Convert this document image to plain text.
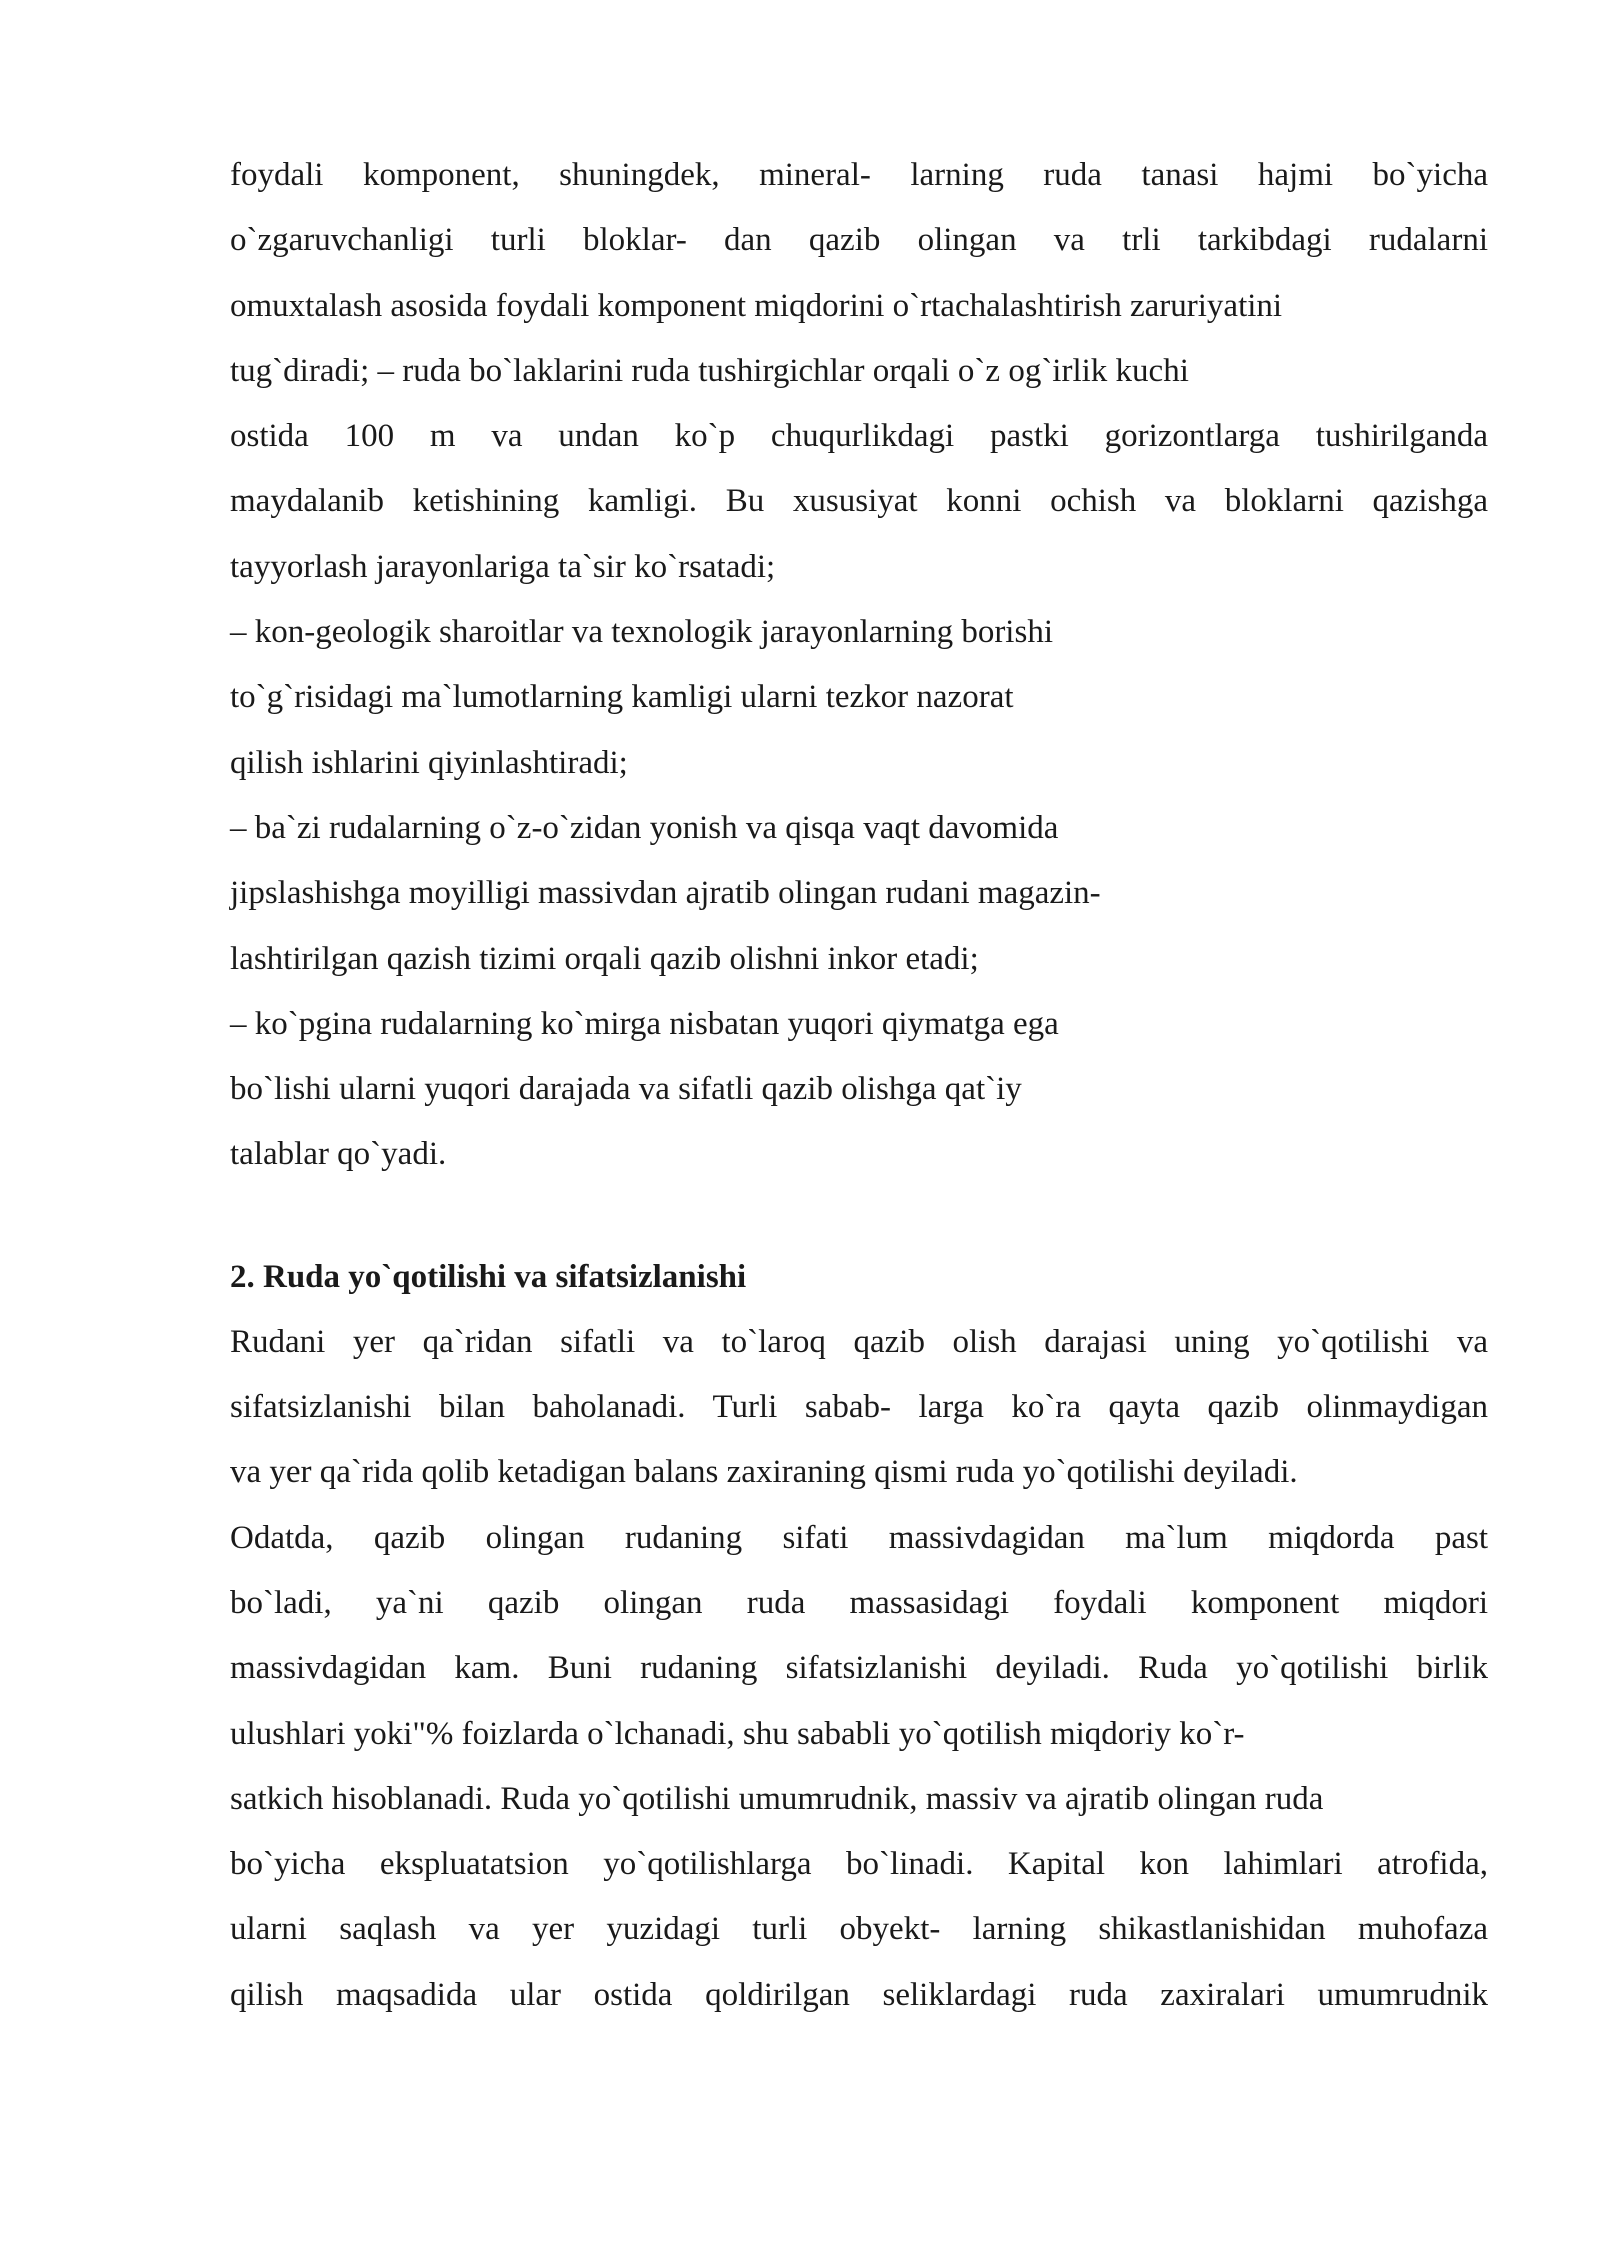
foydali komponent, shuningdek, mineral- larning ruda tanasi hajmi bo`yicha
o`zgaruvchanligi turli bloklar- dan qazib olingan va trli tarkibdagi rudalarni
omuxtalash asosida foydali komponent miqdorini o`rtachalashtirish zaruriyatini
tug`diradi; – ruda bo`laklarini ruda tushirgichlar orqali o`z og`irlik kuchi
ostida 100 m va undan ko`p chuqurlikdagi pastki gorizontlarga tushirilganda
maydalanib ketishining kamligi. Bu xususiyat konni ochish va bloklarni qazishga
tayyorlash jarayonlariga ta`sir ko`rsatadi;
– kon-geologik sharoitlar va texnologik jarayonlarning borishi
to`g`risidagi ma`lumotlarning kamligi ularni tezkor nazorat
qilish ishlarini qiyinlashtiradi;
– ba`zi rudalarning o`z-o`zidan yonish va qisqa vaqt davomida
jipslashishga moyilligi massivdan ajratib olingan rudani magazin-
lashtirilgan qazish tizimi orqali qazib olishni inkor etadi;
– ko`pgina rudalarning ko`mirga nisbatan yuqori qiymatga ega
bo`lishi ularni yuqori darajada va sifatli qazib olishga qat`iy
talablar qo`yadi.
2. Ruda yo`qotilishi va sifatsizlanishi
Rudani yer qa`ridan sifatli va to`laroq qazib olish darajasi uning yo`qotilishi va
sifatsizlanishi bilan baholanadi. Turli sabab- larga ko`ra qayta qazib olinmaydigan
va yer qa`rida qolib ketadigan balans zaxiraning qismi ruda yo`qotilishi deyiladi.
Odatda, qazib olingan rudaning sifati massivdagidan ma`lum miqdorda past
bo`ladi, ya`ni qazib olingan ruda massasidagi foydali komponent miqdori
massivdagidan kam. Buni rudaning sifatsizlanishi deyiladi. Ruda yo`qotilishi birlik
ulushlari yoki"% foizlarda o`lchanadi, shu sababli yo`qotilish miqdoriy ko`r-
satkich hisoblanadi. Ruda yo`qotilishi umumrudnik, massiv va ajratib olingan ruda
bo`yicha ekspluatatsion yo`qotilishlarga bo`linadi. Kapital kon lahimlari atrofida,
ularni saqlash va yer yuzidagi turli obyekt- larning shikastlanishidan muhofaza
qilish maqsadida ular ostida qoldirilgan seliklardagi ruda zaxiralari umumrudnik
